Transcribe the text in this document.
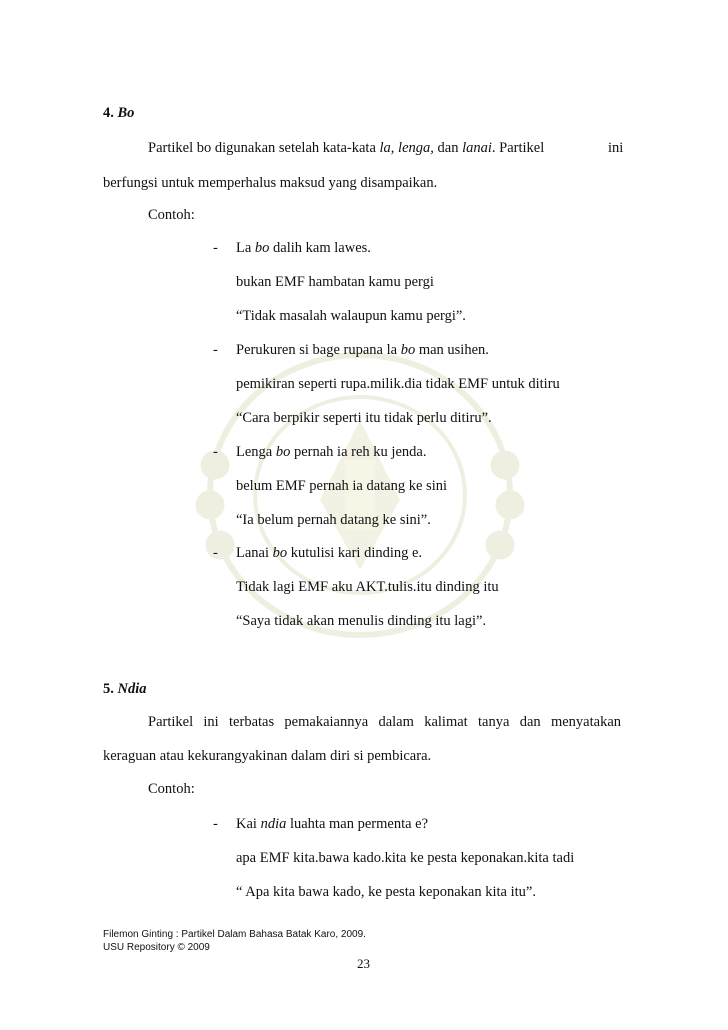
4. Bo
Partikel bo digunakan setelah kata-kata la, lenga, dan lanai. Partikel	ini
berfungsi untuk memperhalus maksud yang disampaikan.
Contoh:
- La bo dalih kam lawes.
bukan EMF hambatan kamu pergi
“Tidak masalah walaupun kamu pergi”.
- Perukuren si bage rupana la bo man usihen.
pemikiran seperti rupa.milik.dia tidak EMF untuk ditiru
“Cara berpikir seperti itu tidak perlu ditiru”.
- Lenga bo pernah ia reh ku jenda.
belum EMF pernah ia datang ke sini
“Ia belum pernah datang ke sini”.
- Lanai bo kutulisi kari dinding e.
Tidak lagi EMF aku AKT.tulis.itu dinding itu
“Saya tidak akan menulis dinding itu lagi”.
5. Ndia
Partikel ini terbatas pemakaiannya dalam kalimat tanya dan menyatakan
keraguan atau kekurangyakinan dalam diri si pembicara.
Contoh:
- Kai ndia luahta man permenta e?
apa EMF kita.bawa kado.kita ke pesta keponakan.kita tadi
“ Apa kita bawa kado, ke pesta keponakan kita itu”.
Filemon Ginting : Partikel Dalam Bahasa Batak Karo, 2009.
USU Repository © 2009
23
